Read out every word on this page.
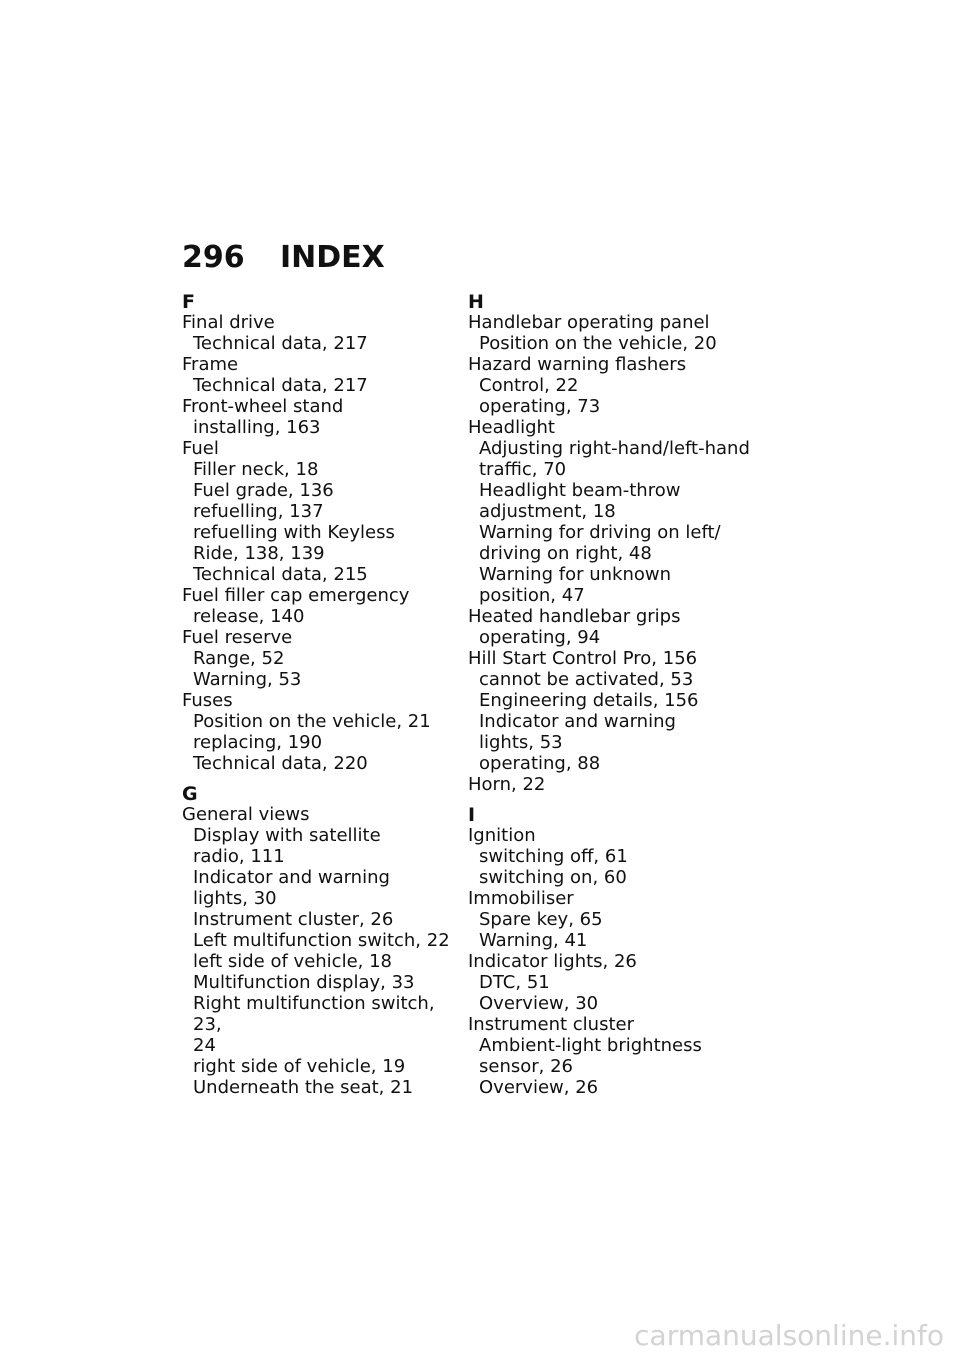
296 INDEX
F
Final drive
Technical data, 217
Frame
Technical data, 217
Front-wheel stand
installing, 163
Fuel
Filler neck, 18
Fuel grade, 136
refuelling, 137
refuelling with Keyless
Ride, 138, 139
Technical data, 215
Fuel filler cap emergency
release, 140
Fuel reserve
Range, 52
Warning, 53
Fuses
Position on the vehicle, 21
replacing, 190
Technical data, 220
G
General views
Display with satellite
radio, 111
Indicator and warning
lights, 30
Instrument cluster, 26
Left multifunction switch, 22
left side of vehicle, 18
Multifunction display, 33
Right multifunction switch, 23,
24
right side of vehicle, 19
Underneath the seat, 21
H
Handlebar operating panel
Position on the vehicle, 20
Hazard warning flashers
Control, 22
operating, 73
Headlight
Adjusting right-hand/left-hand
traffic, 70
Headlight beam-throw
adjustment, 18
Warning for driving on left/
driving on right, 48
Warning for unknown
position, 47
Heated handlebar grips
operating, 94
Hill Start Control Pro, 156
cannot be activated, 53
Engineering details, 156
Indicator and warning
lights, 53
operating, 88
Horn, 22
I
Ignition
switching off, 61
switching on, 60
Immobiliser
Spare key, 65
Warning, 41
Indicator lights, 26
DTC, 51
Overview, 30
Instrument cluster
Ambient-light brightness
sensor, 26
Overview, 26
carmanualsonline.info
